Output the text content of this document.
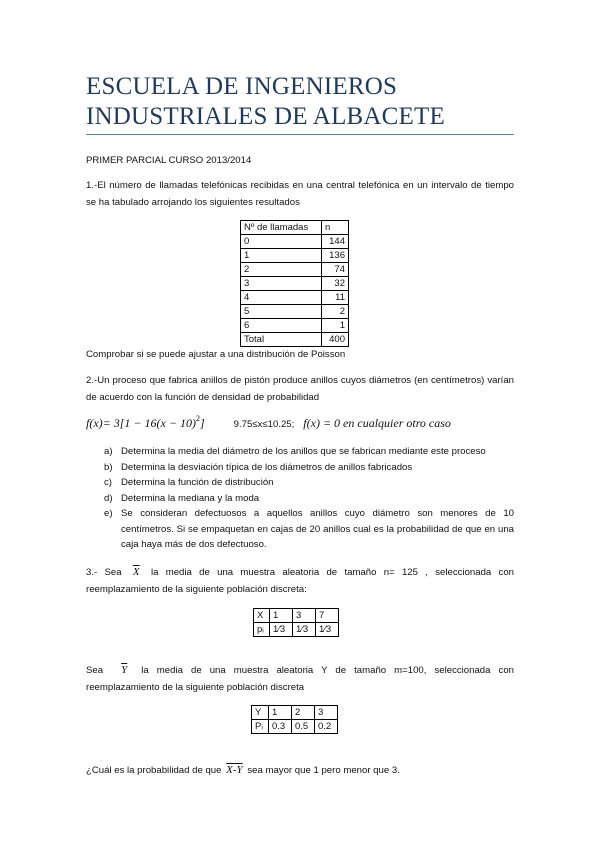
ESCUELA DE INGENIEROS
INDUSTRIALES DE ALBACETE
PRIMER PARCIAL CURSO 2013/2014
1.-El número de llamadas telefónicas recibidas en una central telefónica en un intervalo de tiempo se ha tabulado arrojando los siguientes resultados
Nº de llamadas	n
0	144
1	136
2	74
3	32
4	11
5	2
6	1
Total	400
Comprobar si se puede ajustar a una distribución de Poisson
2.-Un proceso que fabrica anillos de pistón produce anillos cuyos diámetros (en centímetros) varían de acuerdo con la función de densidad de probabilidad
$f(x)= 3[1 - 16(x - 10)^2]$	9.75≤x≤10.25; f(x) = 0 en cualquier otro caso
a) Determina la media del diámetro de los anillos que se fabrican mediante este proceso
b) Determina la desviación típica de los diámetros de anillos fabricados
c) Determina la función de distribución
d) Determina la mediana y la moda
e) Se consideran defectuosos a aquellos anillos cuyo diámetro son menores de 10 centímetros. Si se empaquetan en cajas de 20 anillos cual es la probabilidad de que en una caja haya más de dos defectuoso.
3.- Sea $\overline{X}$ la media de una muestra aleatoria de tamaño n= 125 , seleccionada con reemplazamiento de la siguiente población discreta:
X	1	3	7
pᵢ	1⁄3	1⁄3	1⁄3
Sea $\overline{Y}$ la media de una muestra aleatoria Y de tamaño m=100, seleccionada con reemplazamiento de la siguiente población discreta
Y	1	2	3
Pᵢ	0.3	0.5	0.2
¿Cuál es la probabilidad de que X-Y sea mayor que 1 pero menor que 3.
